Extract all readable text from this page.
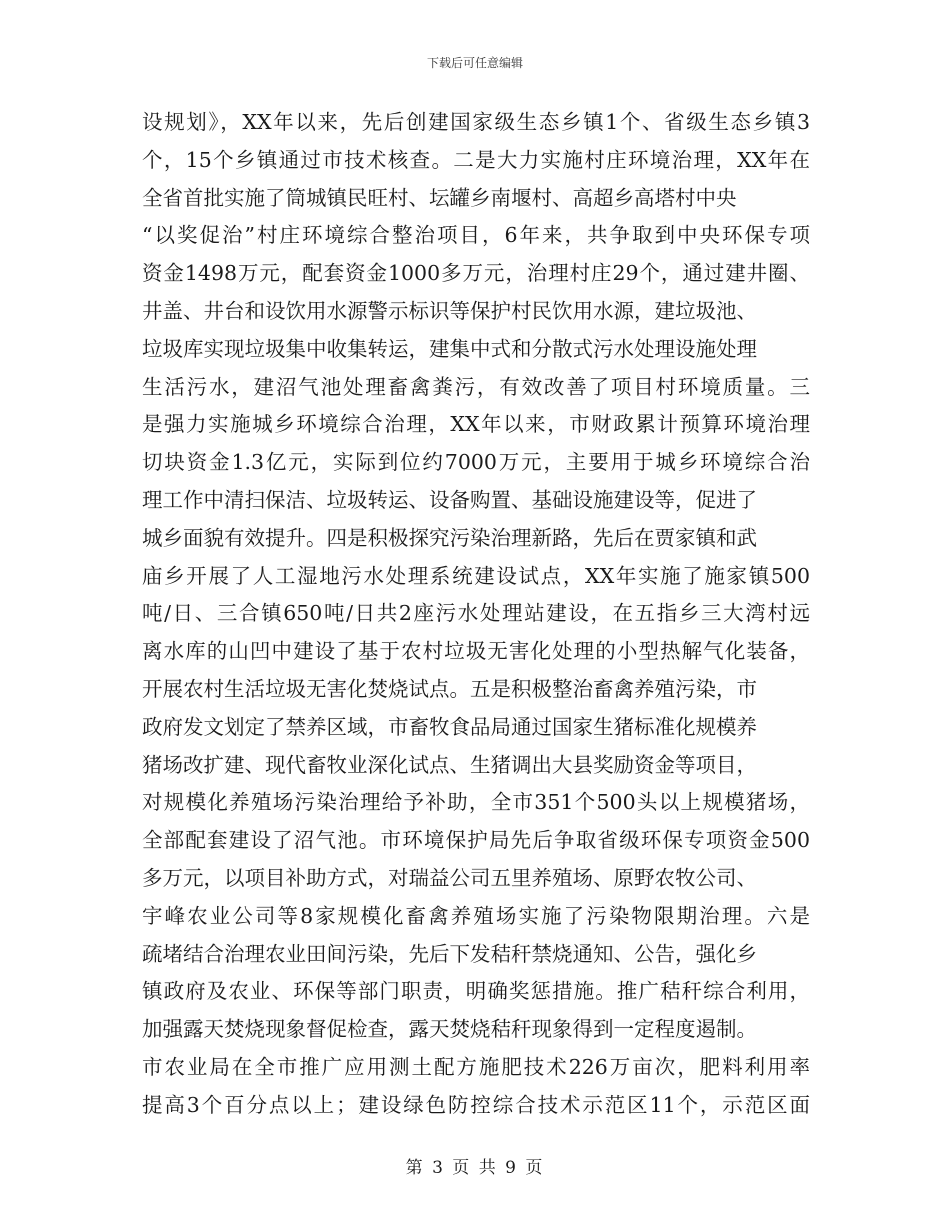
下载后可任意编辑
设规划》，XX年以来，先后创建国家级生态乡镇1个、省级生态乡镇3
个，15个乡镇通过市技术核查。二是大力实施村庄环境治理，XX年在
全省首批实施了筒城镇民旺村、坛罐乡南堰村、高超乡高塔村中央
“以奖促治”村庄环境综合整治项目，6年来，共争取到中央环保专项
资金1498万元，配套资金1000多万元，治理村庄29个，通过建井圈、
井盖、井台和设饮用水源警示标识等保护村民饮用水源，建垃圾池、
垃圾库实现垃圾集中收集转运，建集中式和分散式污水处理设施处理
生活污水，建沼气池处理畜禽粪污，有效改善了项目村环境质量。三
是强力实施城乡环境综合治理，XX年以来，市财政累计预算环境治理
切块资金1.3亿元，实际到位约7000万元，主要用于城乡环境综合治
理工作中清扫保洁、垃圾转运、设备购置、基础设施建设等，促进了
城乡面貌有效提升。四是积极探究污染治理新路，先后在贾家镇和武
庙乡开展了人工湿地污水处理系统建设试点，XX年实施了施家镇500
吨/日、三合镇650吨/日共2座污水处理站建设，在五指乡三大湾村远
离水库的山凹中建设了基于农村垃圾无害化处理的小型热解气化装备，
开展农村生活垃圾无害化焚烧试点。五是积极整治畜禽养殖污染，市
政府发文划定了禁养区域，市畜牧食品局通过国家生猪标准化规模养
猪场改扩建、现代畜牧业深化试点、生猪调出大县奖励资金等项目，
对规模化养殖场污染治理给予补助，全市351个500头以上规模猪场，
全部配套建设了沼气池。市环境保护局先后争取省级环保专项资金500
多万元，以项目补助方式，对瑞益公司五里养殖场、原野农牧公司、
宇峰农业公司等8家规模化畜禽养殖场实施了污染物限期治理。六是
疏堵结合治理农业田间污染，先后下发秸秆禁烧通知、公告，强化乡
镇政府及农业、环保等部门职责，明确奖惩措施。推广秸秆综合利用，
加强露天焚烧现象督促检查，露天焚烧秸秆现象得到一定程度遏制。
市农业局在全市推广应用测土配方施肥技术226万亩次，肥料利用率
提高3个百分点以上；建设绿色防控综合技术示范区11个，示范区面
第 3 页 共 9 页
